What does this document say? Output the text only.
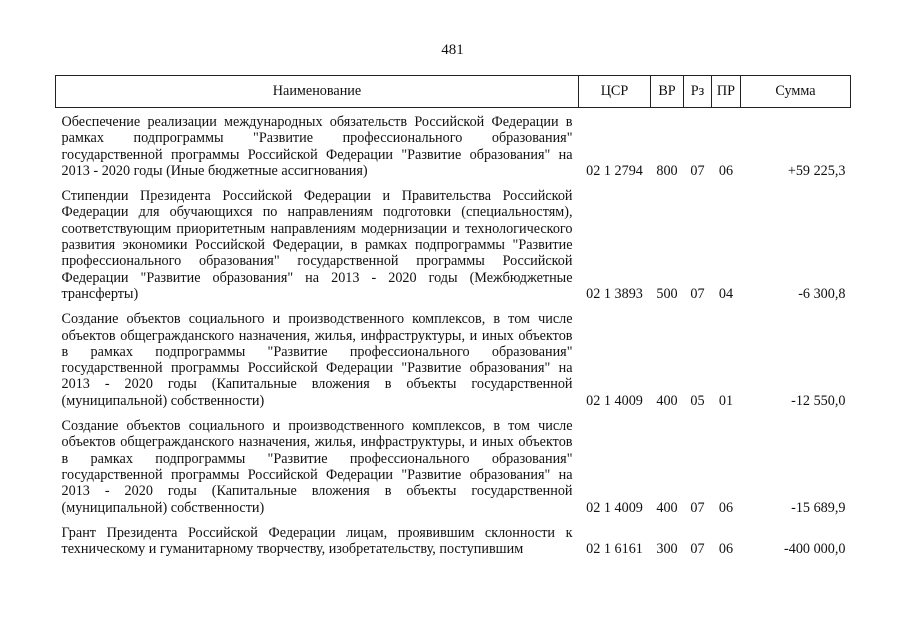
481
Наименование	ЦСР	ВР	Рз	ПР	Сумма

Обеспечение реализации международных обязательств Российской Федерации в рамках подпрограммы "Развитие профессионального образования" государственной программы Российской Федерации "Развитие образования" на 2013 - 2020 годы (Иные бюджетные ассигнования)	02 1 2794	800	07	06	+59 225,3

Стипендии Президента Российской Федерации и Правительства Российской Федерации для обучающихся по направлениям подготовки (специальностям), соответствующим приоритетным направлениям модернизации и технологического развития экономики Российской Федерации, в рамках подпрограммы "Развитие профессионального образования" государственной программы Российской Федерации "Развитие образования" на 2013 - 2020 годы (Межбюджетные трансферты)	02 1 3893	500	07	04	-6 300,8

Создание объектов социального и производственного комплексов, в том числе объектов общегражданского назначения, жилья, инфраструктуры, и иных объектов в рамках подпрограммы "Развитие профессионального образования" государственной программы Российской Федерации "Развитие образования" на 2013 - 2020 годы (Капитальные вложения в объекты государственной (муниципальной) собственности)	02 1 4009	400	05	01	-12 550,0

Создание объектов социального и производственного комплексов, в том числе объектов общегражданского назначения, жилья, инфраструктуры, и иных объектов в рамках подпрограммы "Развитие профессионального образования" государственной программы Российской Федерации "Развитие образования" на 2013 - 2020 годы (Капитальные вложения в объекты государственной (муниципальной) собственности)	02 1 4009	400	07	06	-15 689,9

Грант Президента Российской Федерации лицам, проявившим склонности к техническому и гуманитарному творчеству, изобретательству, поступившим	02 1 6161	300	07	06	-400 000,0
